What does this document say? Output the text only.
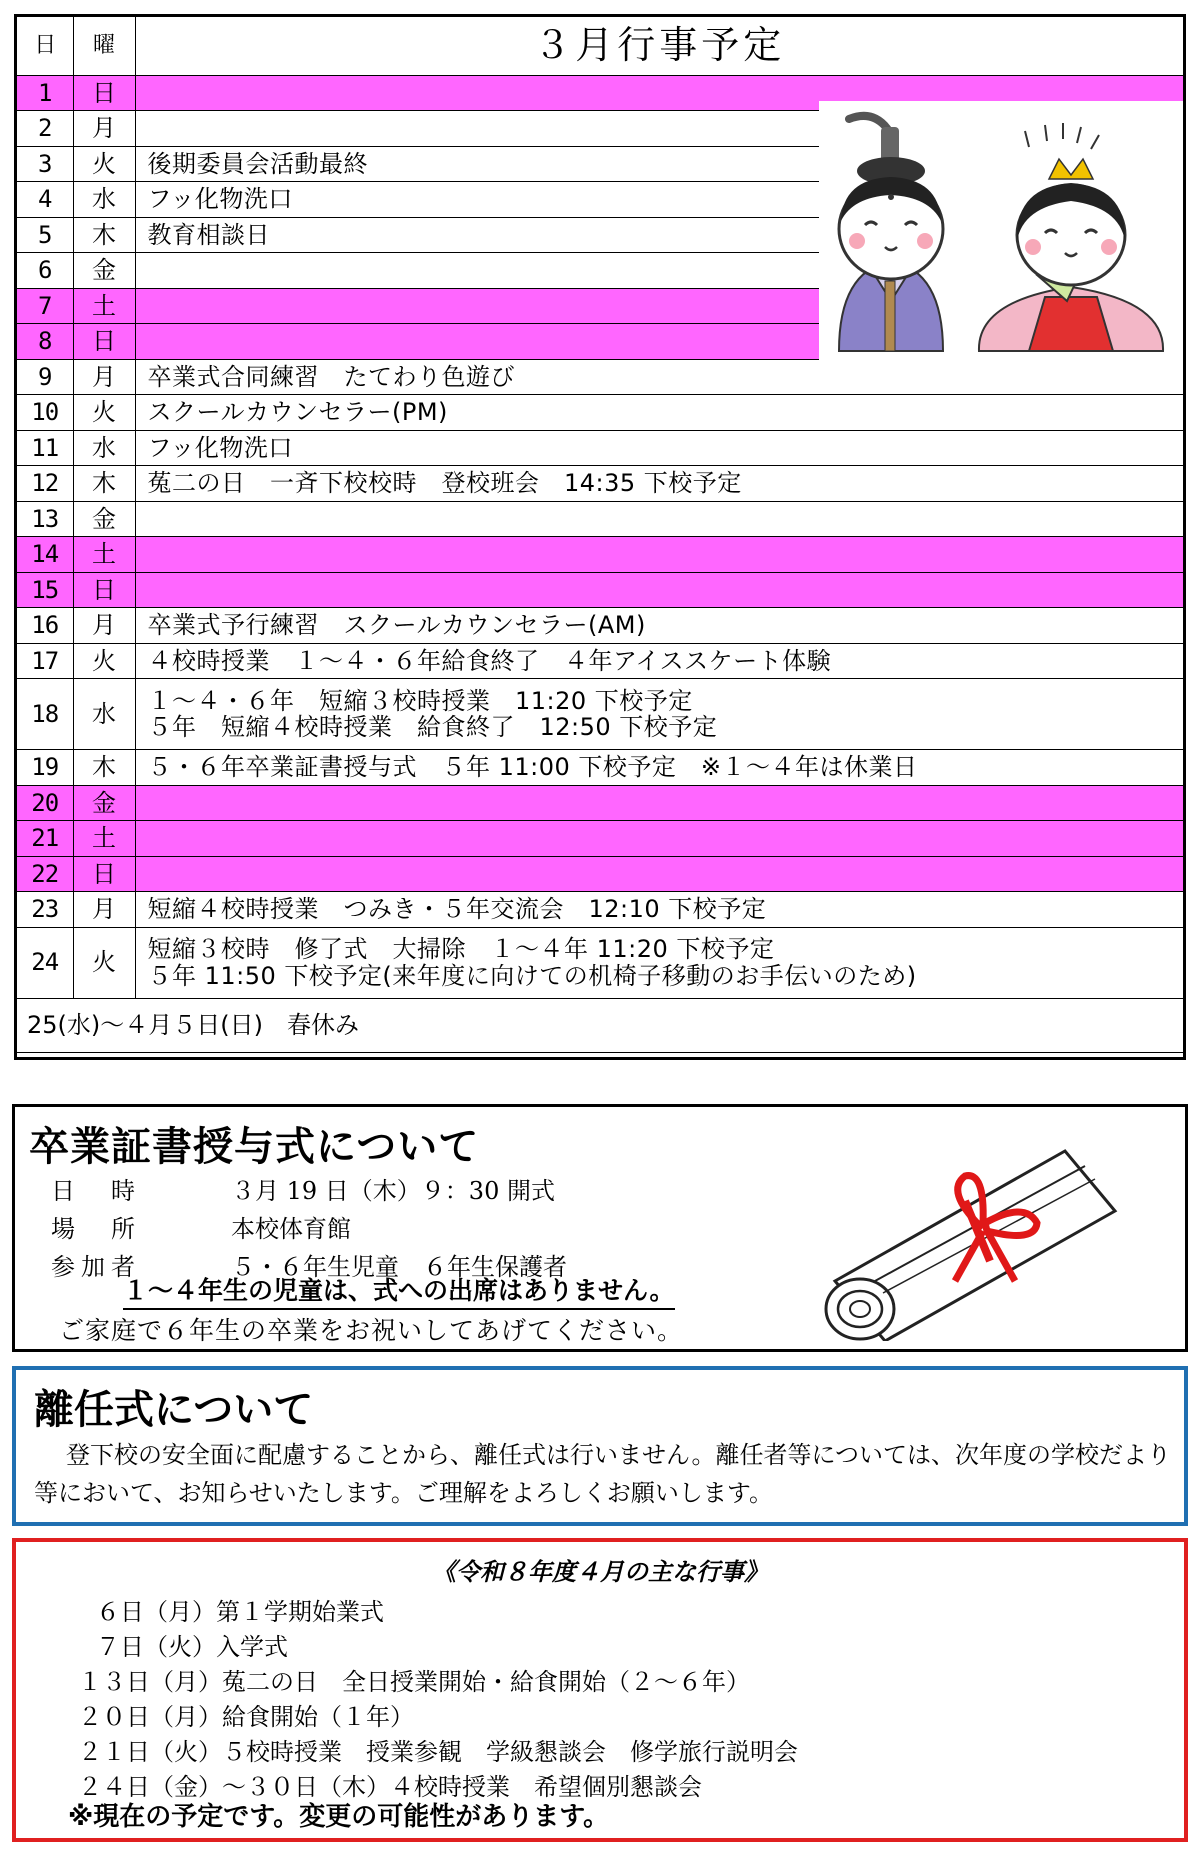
日	曜	３月行事予定
1	日	
2	月	
3	火	後期委員会活動最終
4	水	フッ化物洗口
5	木	教育相談日
6	金	
7	土	
8	日	
9	月	卒業式合同練習　たてわり色遊び
10	火	スクールカウンセラー(PM)
11	水	フッ化物洗口
12	木	菟二の日　一斉下校校時　登校班会　14:35 下校予定
13	金	
14	土	
15	日	
16	月	卒業式予行練習　スクールカウンセラー(AM)
17	火	４校時授業　１～４・６年給食終了　４年アイススケート体験
18	水	１～４・６年　短縮３校時授業　11:20 下校予定
５年　短縮４校時授業　給食終了　12:50 下校予定

19	木	５・６年卒業証書授与式　５年 11:00 下校予定　※１～４年は休業日
20	金	
21	土	
22	日	
23	月	短縮４校時授業　つみき・５年交流会　12:10 下校予定
24	火	短縮３校時　修了式　大掃除　１～４年 11:20 下校予定
５年 11:50 下校予定(来年度に向けての机椅子移動のお手伝いのため)

25(水)～４月５日(日)　春休み		
卒業証書授与式について
日　時	３月 19 日（木）９：30 開式
場　所	本校体育館
参加者	５・６年生児童　６年生保護者
１～４年生の児童は、式への出席はありません。
ご家庭で６年生の卒業をお祝いしてあげてください。
離任式について
登下校の安全面に配慮することから、離任式は行いません。離任者等については、次年度の学校だより等において、お知らせいたします。ご理解をよろしくお願いします。
《令和８年度４月の主な行事》
６日（月）第１学期始業式
７日（火）入学式
１３日（月）菟二の日　全日授業開始・給食開始（２～６年）
２０日（月）給食開始（１年）
２１日（火）５校時授業　授業参観　学級懇談会　修学旅行説明会
２４日（金）～３０日（木）４校時授業　希望個別懇談会
※現在の予定です。変更の可能性があります。
